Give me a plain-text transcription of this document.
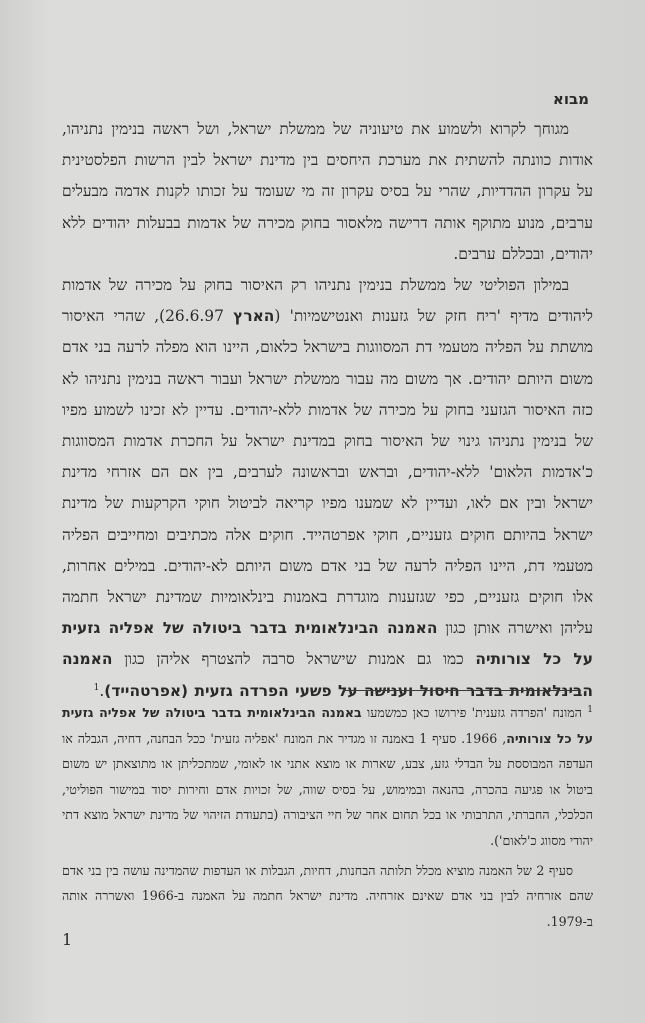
מבוא

מגוחך לקרוא ולשמוע את טיעוניה של ממשלת ישראל, ושל ראשה בנימין נתניהו, אודות כוונתה להשתית את מערכת היחסים בין מדינת ישראל לבין הרשות הפלסטינית על עקרון ההדדיות, שהרי על בסיס עקרון זה מי שעומד על זכותו לקנות אדמה מבעלים ערבים, מנוע מתוקף אותה דרישה מלאסור בחוק מכירה של אדמות בבעלות יהודים ללא יהודים, ובכללם ערבים.

במילון הפוליטי של ממשלת בנימין נתניהו רק האיסור בחוק על מכירה של אדמות ליהודים מדיף 'ריח חזק של גזענות ואנטישמיות' (הארץ 26.6.97), שהרי האיסור מושתת על הפליה מטעמי דת המסווגות בישראל כלאום, היינו הוא מפלה לרעה בני אדם משום היותם יהודים. אך משום מה עבור ממשלת ישראל ועבור ראשה בנימין נתניהו לא כזה האיסור הגזעני בחוק על מכירה של אדמות ללא-יהודים. עדיין לא זכינו לשמוע מפיו של בנימין נתניהו גינוי של האיסור בחוק במדינת ישראל על החכרת אדמות המסווגות כ'אדמות הלאום' ללא-יהודים, ובראש ובראשונה לערבים, בין אם הם אזרחי מדינת ישראל ובין אם לאו, ועדיין לא שמענו מפיו קריאה לביטול חוקי הקרקעות של מדינת ישראל בהיותם חוקים גזעניים, חוקי אפרטהייד. חוקים אלה מכתיבים ומחייבים הפליה מטעמי דת, היינו הפליה לרעה של בני אדם משום היותם לא-יהודים. במילים אחרות, אלו חוקים גזעניים, כפי שגזענות מוגדרת באמנות בינלאומיות שמדינת ישראל חתמה עליהן ואישרה אותן כגון האמנה הבינלאומית בדבר ביטולה של אפליה גזעית על כל צורותיה כמו גם אמנות שישראל סרבה להצטרף אליהן כגון האמנה הבינלאומית בדבר חיסול וענישה על פשעי הפרדה גזעית (אפרטהייד).$^1$

$^1$ המונח 'הפרדה גזענית' פירושו כאן כמשמעו באמנה הבינלאומית בדבר ביטולה של אפליה גזעית על כל צורותיה, 1966. סעיף 1 באמנה זו מגדיר את המונח 'אפליה גזעית' ככל הבחנה, דחיה, הגבלה או העדפה המבוססת על הבדלי גזע, צבע, שארות או מוצא אתני או לאומי, שמתכליתן או מתוצאתן יש משום ביטול או פגיעה בהכרה, בהנאה ובמימוש, על בסיס שווה, של זכויות אדם וחירות יסוד במישור הפוליטי, הכלכלי, החברתי, התרבותי או בכל תחום אחר של חיי הציבורה (בתעודת הזיהוי של מדינת ישראל מוצא דתי יהודי מסווג כ'לאום').

סעיף 2 של האמנה מוציא מכלל תלותה הבחנות, דחיות, הגבלות או העדפות שהמדינה עושה בין בני אדם שהם אזרחיה לבין בני אדם שאינם אזרחיה. מדינת ישראל חתמה על האמנה ב-1966 ואשררה אותה ב-1979.

1
